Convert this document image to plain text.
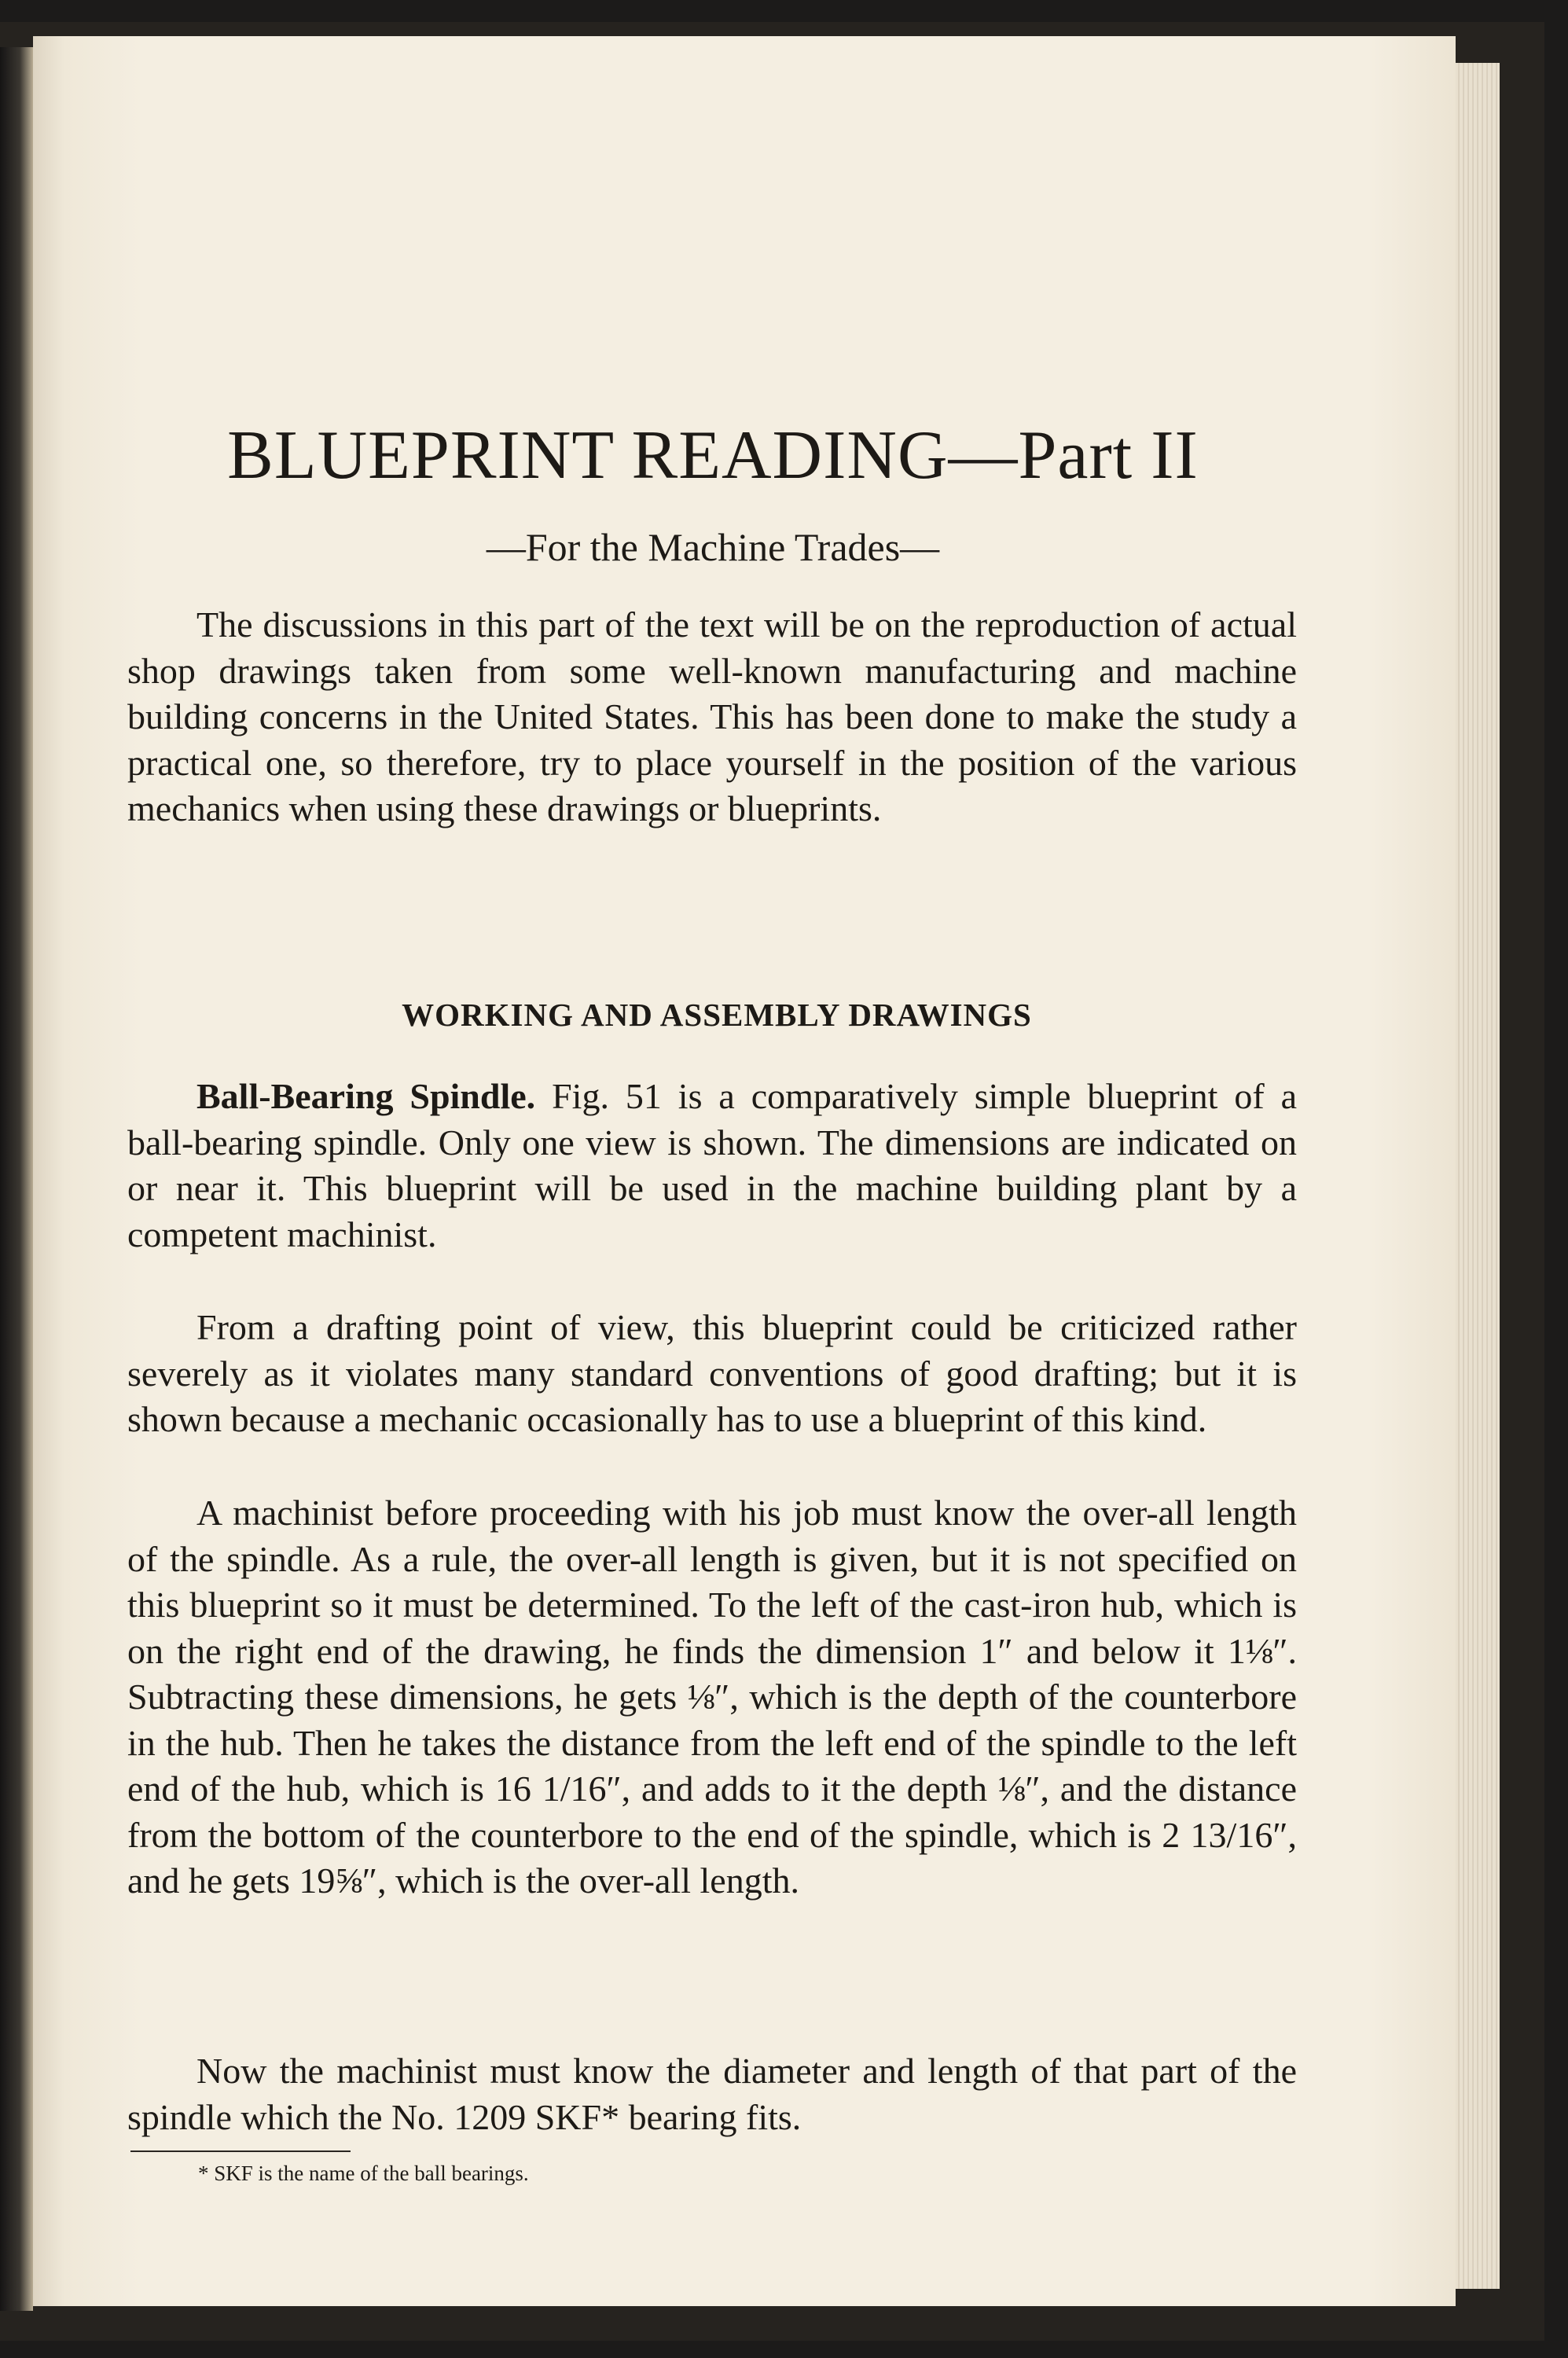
BLUEPRINT READING—Part II
—For the Machine Trades—

The discussions in this part of the text will be on the reproduction of actual shop drawings taken from some well-known manufacturing and machine building concerns in the United States. This has been done to make the study a practical one, so therefore, try to place yourself in the position of the various mechanics when using these drawings or blueprints.

WORKING AND ASSEMBLY DRAWINGS

Ball-Bearing Spindle. Fig. 51 is a comparatively simple blueprint of a ball-bearing spindle. Only one view is shown. The dimensions are indicated on or near it. This blueprint will be used in the machine building plant by a competent machinist.

From a drafting point of view, this blueprint could be criticized rather severely as it violates many standard conventions of good drafting; but it is shown because a mechanic occasionally has to use a blueprint of this kind.

A machinist before proceeding with his job must know the over-all length of the spindle. As a rule, the over-all length is given, but it is not specified on this blueprint so it must be determined. To the left of the cast-iron hub, which is on the right end of the drawing, he finds the dimension 1″ and below it 1⅛″. Subtracting these dimensions, he gets ⅛″, which is the depth of the counterbore in the hub. Then he takes the distance from the left end of the spindle to the left end of the hub, which is 16 1/16″, and adds to it the depth ⅛″, and the distance from the bottom of the counterbore to the end of the spindle, which is 2 13/16″, and he gets 19⅝″, which is the over-all length.

Now the machinist must know the diameter and length of that part of the spindle which the No. 1209 SKF* bearing fits.

* SKF is the name of the ball bearings.
